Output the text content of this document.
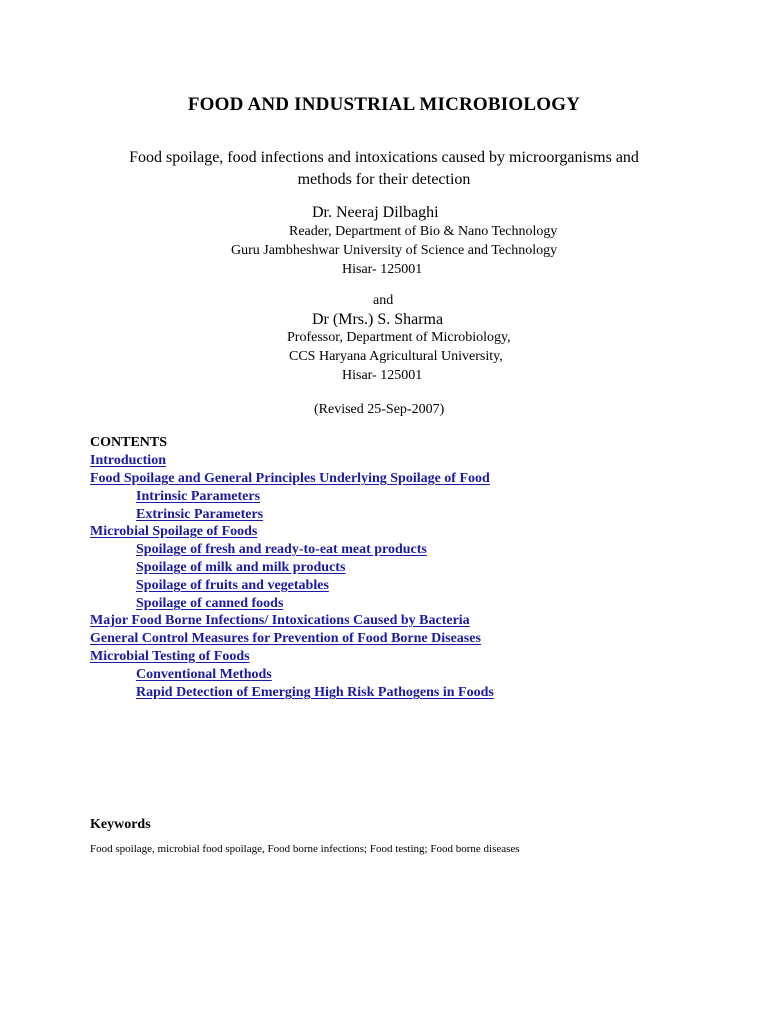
FOOD AND INDUSTRIAL MICROBIOLOGY

Food spoilage, food infections and intoxications caused by microorganisms and

methods for their detection

Dr. Neeraj Dilbaghi

Reader, Department of Bio & Nano Technology

Guru Jambheshwar University of Science and Technology

Hisar- 125001

and

Dr (Mrs.) S. Sharma

Professor, Department of Microbiology,

CCS Haryana Agricultural University,

Hisar- 125001

(Revised 25-Sep-2007)

CONTENTS

Introduction
Food Spoilage and General Principles Underlying Spoilage of Food
Intrinsic Parameters
Extrinsic Parameters
Microbial Spoilage of Foods
Spoilage of fresh and ready-to-eat meat products
Spoilage of milk and milk products
Spoilage of fruits and vegetables
Spoilage of canned foods
Major Food Borne Infections/ Intoxications Caused by Bacteria
General Control Measures for Prevention of Food Borne Diseases
Microbial Testing of Foods
Conventional Methods
Rapid Detection of Emerging High Risk Pathogens in Foods

Keywords

Food spoilage, microbial food spoilage, Food borne infections; Food testing; Food borne diseases
